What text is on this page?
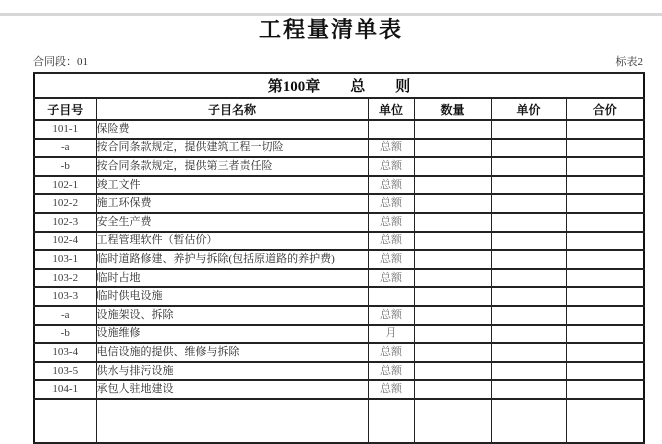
工程量清单表
合同段：01	标表2
第100章　　总　　则					
子目号	子目名称	单位	数量	单价	合价
101-1	保险费				
-a	按合同条款规定，提供建筑工程一切险	总额			
-b	按合同条款规定，提供第三者责任险	总额			
102-1	竣工文件	总额			
102-2	施工环保费	总额			
102-3	安全生产费	总额			
102-4	工程管理软件（暂估价）	总额			
103-1	临时道路修建、养护与拆除(包括原道路的养护费)	总额			
103-2	临时占地	总额			
103-3	临时供电设施				
-a	设施架设、拆除	总额			
-b	设施维修	月			
103-4	电信设施的提供、维修与拆除	总额			
103-5	供水与排污设施	总额			
104-1	承包人驻地建设	总额			
